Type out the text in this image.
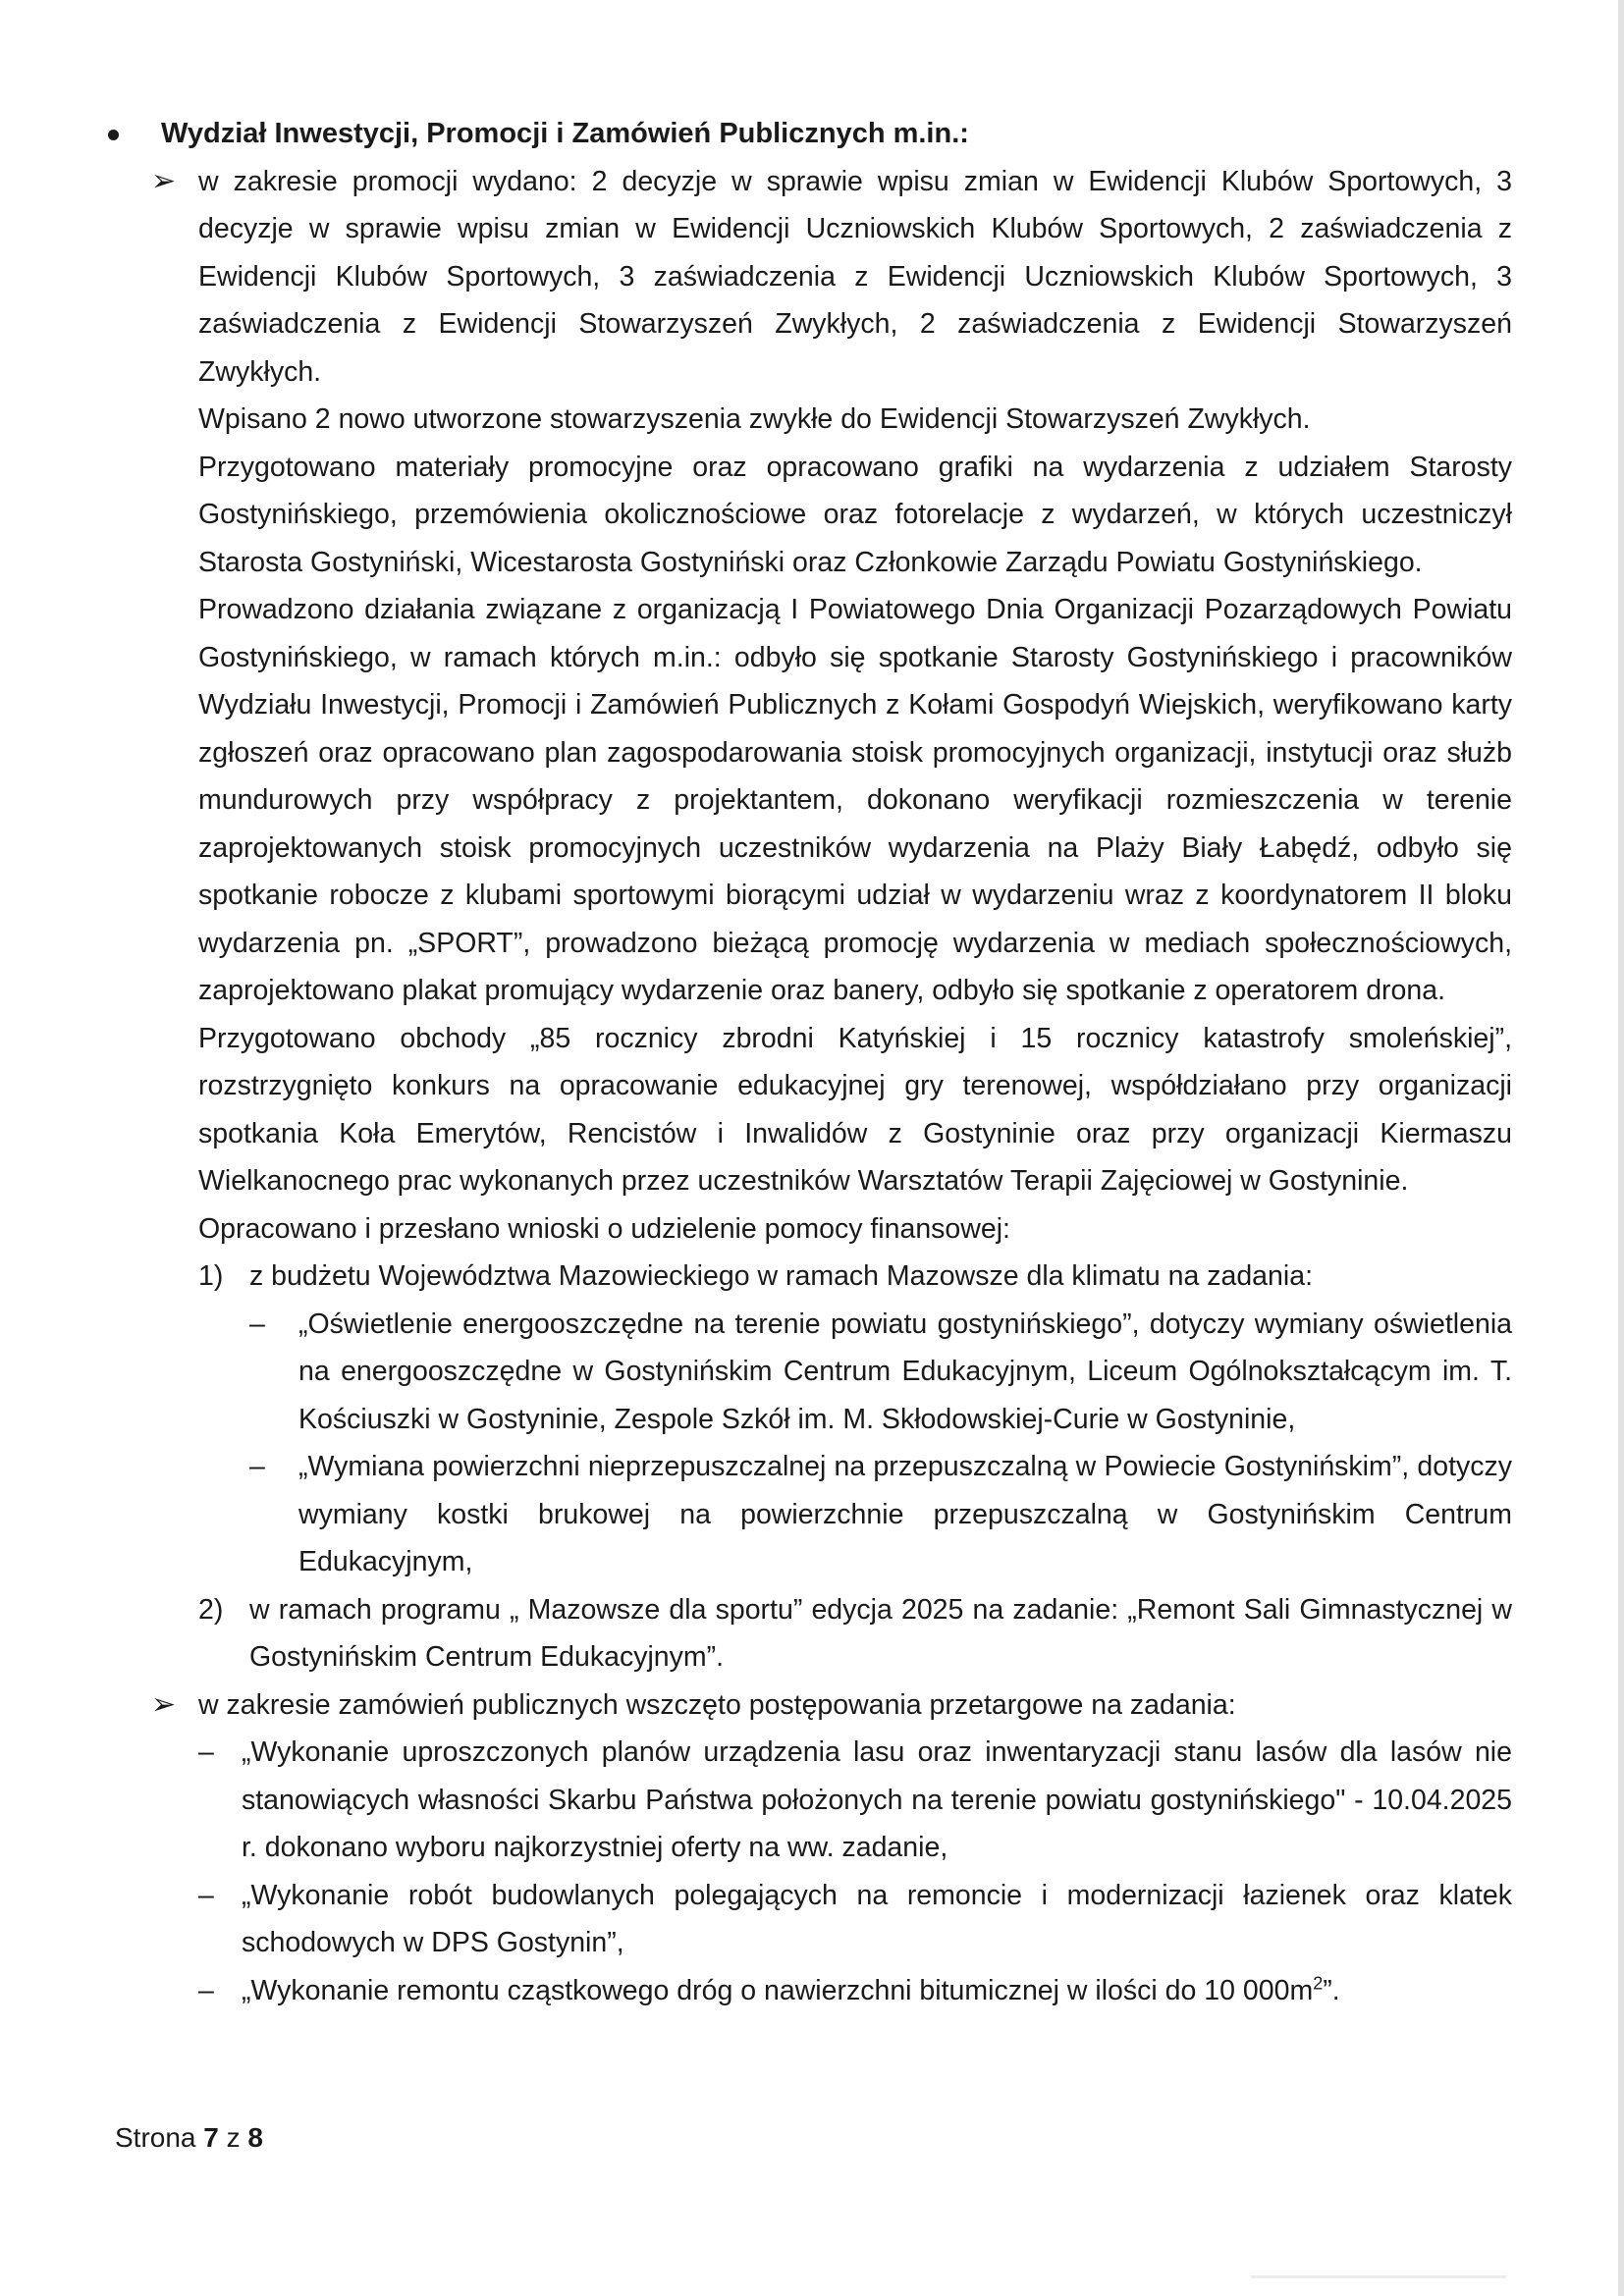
Wydział Inwestycji, Promocji i Zamówień Publicznych m.in.:
➢ w zakresie promocji wydano: 2 decyzje w sprawie wpisu zmian w Ewidencji Klubów Sportowych, 3 decyzje w sprawie wpisu zmian w Ewidencji Uczniowskich Klubów Sportowych, 2 zaświadczenia z Ewidencji Klubów Sportowych, 3 zaświadczenia z Ewidencji Uczniowskich Klubów Sportowych, 3 zaświadczenia z Ewidencji Stowarzyszeń Zwykłych, 2 zaświadczenia z Ewidencji Stowarzyszeń Zwykłych.
Wpisano 2 nowo utworzone stowarzyszenia zwykłe do Ewidencji Stowarzyszeń Zwykłych.
Przygotowano materiały promocyjne oraz opracowano grafiki na wydarzenia z udziałem Starosty Gostynińskiego, przemówienia okolicznościowe oraz fotorelacje z wydarzeń, w których uczestniczył Starosta Gostyniński, Wicestarosta Gostyniński oraz Członkowie Zarządu Powiatu Gostynińskiego.
Prowadzono działania związane z organizacją I Powiatowego Dnia Organizacji Pozarządowych Powiatu Gostynińskiego, w ramach których m.in.: odbyło się spotkanie Starosty Gostynińskiego i pracowników Wydziału Inwestycji, Promocji i Zamówień Publicznych z Kołami Gospodyń Wiejskich, weryfikowano karty zgłoszeń oraz opracowano plan zagospodarowania stoisk promocyjnych organizacji, instytucji oraz służb mundurowych przy współpracy z projektantem, dokonano weryfikacji rozmieszczenia w terenie zaprojektowanych stoisk promocyjnych uczestników wydarzenia na Plaży Biały Łabędź, odbyło się spotkanie robocze z klubami sportowymi biorącymi udział w wydarzeniu wraz z koordynatorem II bloku wydarzenia pn. „SPORT”, prowadzono bieżącą promocję wydarzenia w mediach społecznościowych, zaprojektowano plakat promujący wydarzenie oraz banery, odbyło się spotkanie z operatorem drona.
Przygotowano obchody „85 rocznicy zbrodni Katyńskiej i 15 rocznicy katastrofy smoleńskiej”, rozstrzygnięto konkurs na opracowanie edukacyjnej gry terenowej, współdziałano przy organizacji spotkania Koła Emerytów, Rencistów i Inwalidów z Gostyninie oraz przy organizacji Kiermaszu Wielkanocnego prac wykonanych przez uczestników Warsztatów Terapii Zajęciowej w Gostyninie.
Opracowano i przesłano wnioski o udzielenie pomocy finansowej:
1) z budżetu Województwa Mazowieckiego w ramach Mazowsze dla klimatu na zadania:
– „Oświetlenie energooszczędne na terenie powiatu gostynińskiego”, dotyczy wymiany oświetlenia na energooszczędne w Gostynińskim Centrum Edukacyjnym, Liceum Ogólnokształcącym im. T. Kościuszki w Gostyninie, Zespole Szkół im. M. Skłodowskiej-Curie w Gostyninie,
– „Wymiana powierzchni nieprzepuszczalnej na przepuszczalną w Powiecie Gostynińskim”, dotyczy wymiany kostki brukowej na powierzchnie przepuszczalną w Gostynińskim Centrum Edukacyjnym,
2) w ramach programu „ Mazowsze dla sportu” edycja 2025 na zadanie: „Remont Sali Gimnastycznej w Gostynińskim Centrum Edukacyjnym”.
➢ w zakresie zamówień publicznych wszczęto postępowania przetargowe na zadania:
– „Wykonanie uproszczonych planów urządzenia lasu oraz inwentaryzacji stanu lasów dla lasów nie stanowiących własności Skarbu Państwa położonych na terenie powiatu gostynińskiego" - 10.04.2025 r. dokonano wyboru najkorzystniej oferty na ww. zadanie,
– „Wykonanie robót budowlanych polegających na remoncie i modernizacji łazienek oraz klatek schodowych w DPS Gostynin”,
– „Wykonanie remontu cząstkowego dróg o nawierzchni bitumicznej w ilości do 10 $000m^2$”.
Strona 7 z 8
